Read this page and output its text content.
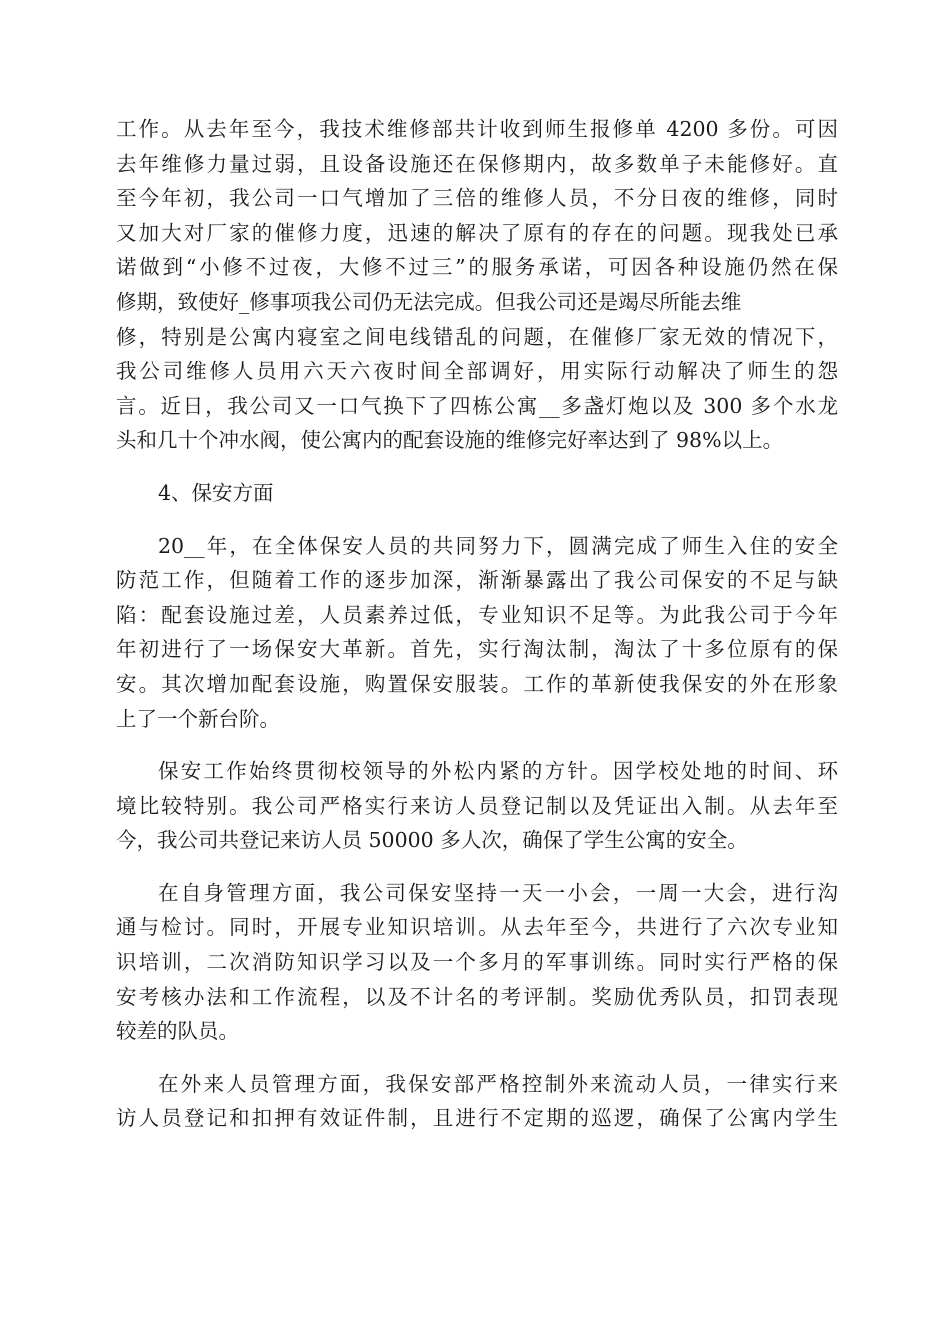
工作。从去年至今，我技术维修部共计收到师生报修单 4200 多份。可因
去年维修力量过弱，且设备设施还在保修期内，故多数单子未能修好。直
至今年初，我公司一口气增加了三倍的维修人员，不分日夜的维修，同时
又加大对厂家的催修力度，迅速的解决了原有的存在的问题。现我处已承
诺做到“小修不过夜，大修不过三”的服务承诺，可因各种设施仍然在保
修期，致使好_修事项我公司仍无法完成。但我公司还是竭尽所能去维
修，特别是公寓内寝室之间电线错乱的问题，在催修厂家无效的情况下，
我公司维修人员用六天六夜时间全部调好，用实际行动解决了师生的怨
言。近日，我公司又一口气换下了四栋公寓__多盏灯炮以及 300 多个水龙
头和几十个冲水阀，使公寓内的配套设施的维修完好率达到了 98%以上。
4、保安方面
20__年，在全体保安人员的共同努力下，圆满完成了师生入住的安全
防范工作，但随着工作的逐步加深，渐渐暴露出了我公司保安的不足与缺
陷：配套设施过差，人员素养过低，专业知识不足等。为此我公司于今年
年初进行了一场保安大革新。首先，实行淘汰制，淘汰了十多位原有的保
安。其次增加配套设施，购置保安服装。工作的革新使我保安的外在形象
上了一个新台阶。
保安工作始终贯彻校领导的外松内紧的方针。因学校处地的时间、环
境比较特别。我公司严格实行来访人员登记制以及凭证出入制。从去年至
今，我公司共登记来访人员 50000 多人次，确保了学生公寓的安全。
在自身管理方面，我公司保安坚持一天一小会，一周一大会，进行沟
通与检讨。同时，开展专业知识培训。从去年至今，共进行了六次专业知
识培训，二次消防知识学习以及一个多月的军事训练。同时实行严格的保
安考核办法和工作流程，以及不计名的考评制。奖励优秀队员，扣罚表现
较差的队员。
在外来人员管理方面，我保安部严格控制外来流动人员，一律实行来
访人员登记和扣押有效证件制，且进行不定期的巡逻，确保了公寓内学生
